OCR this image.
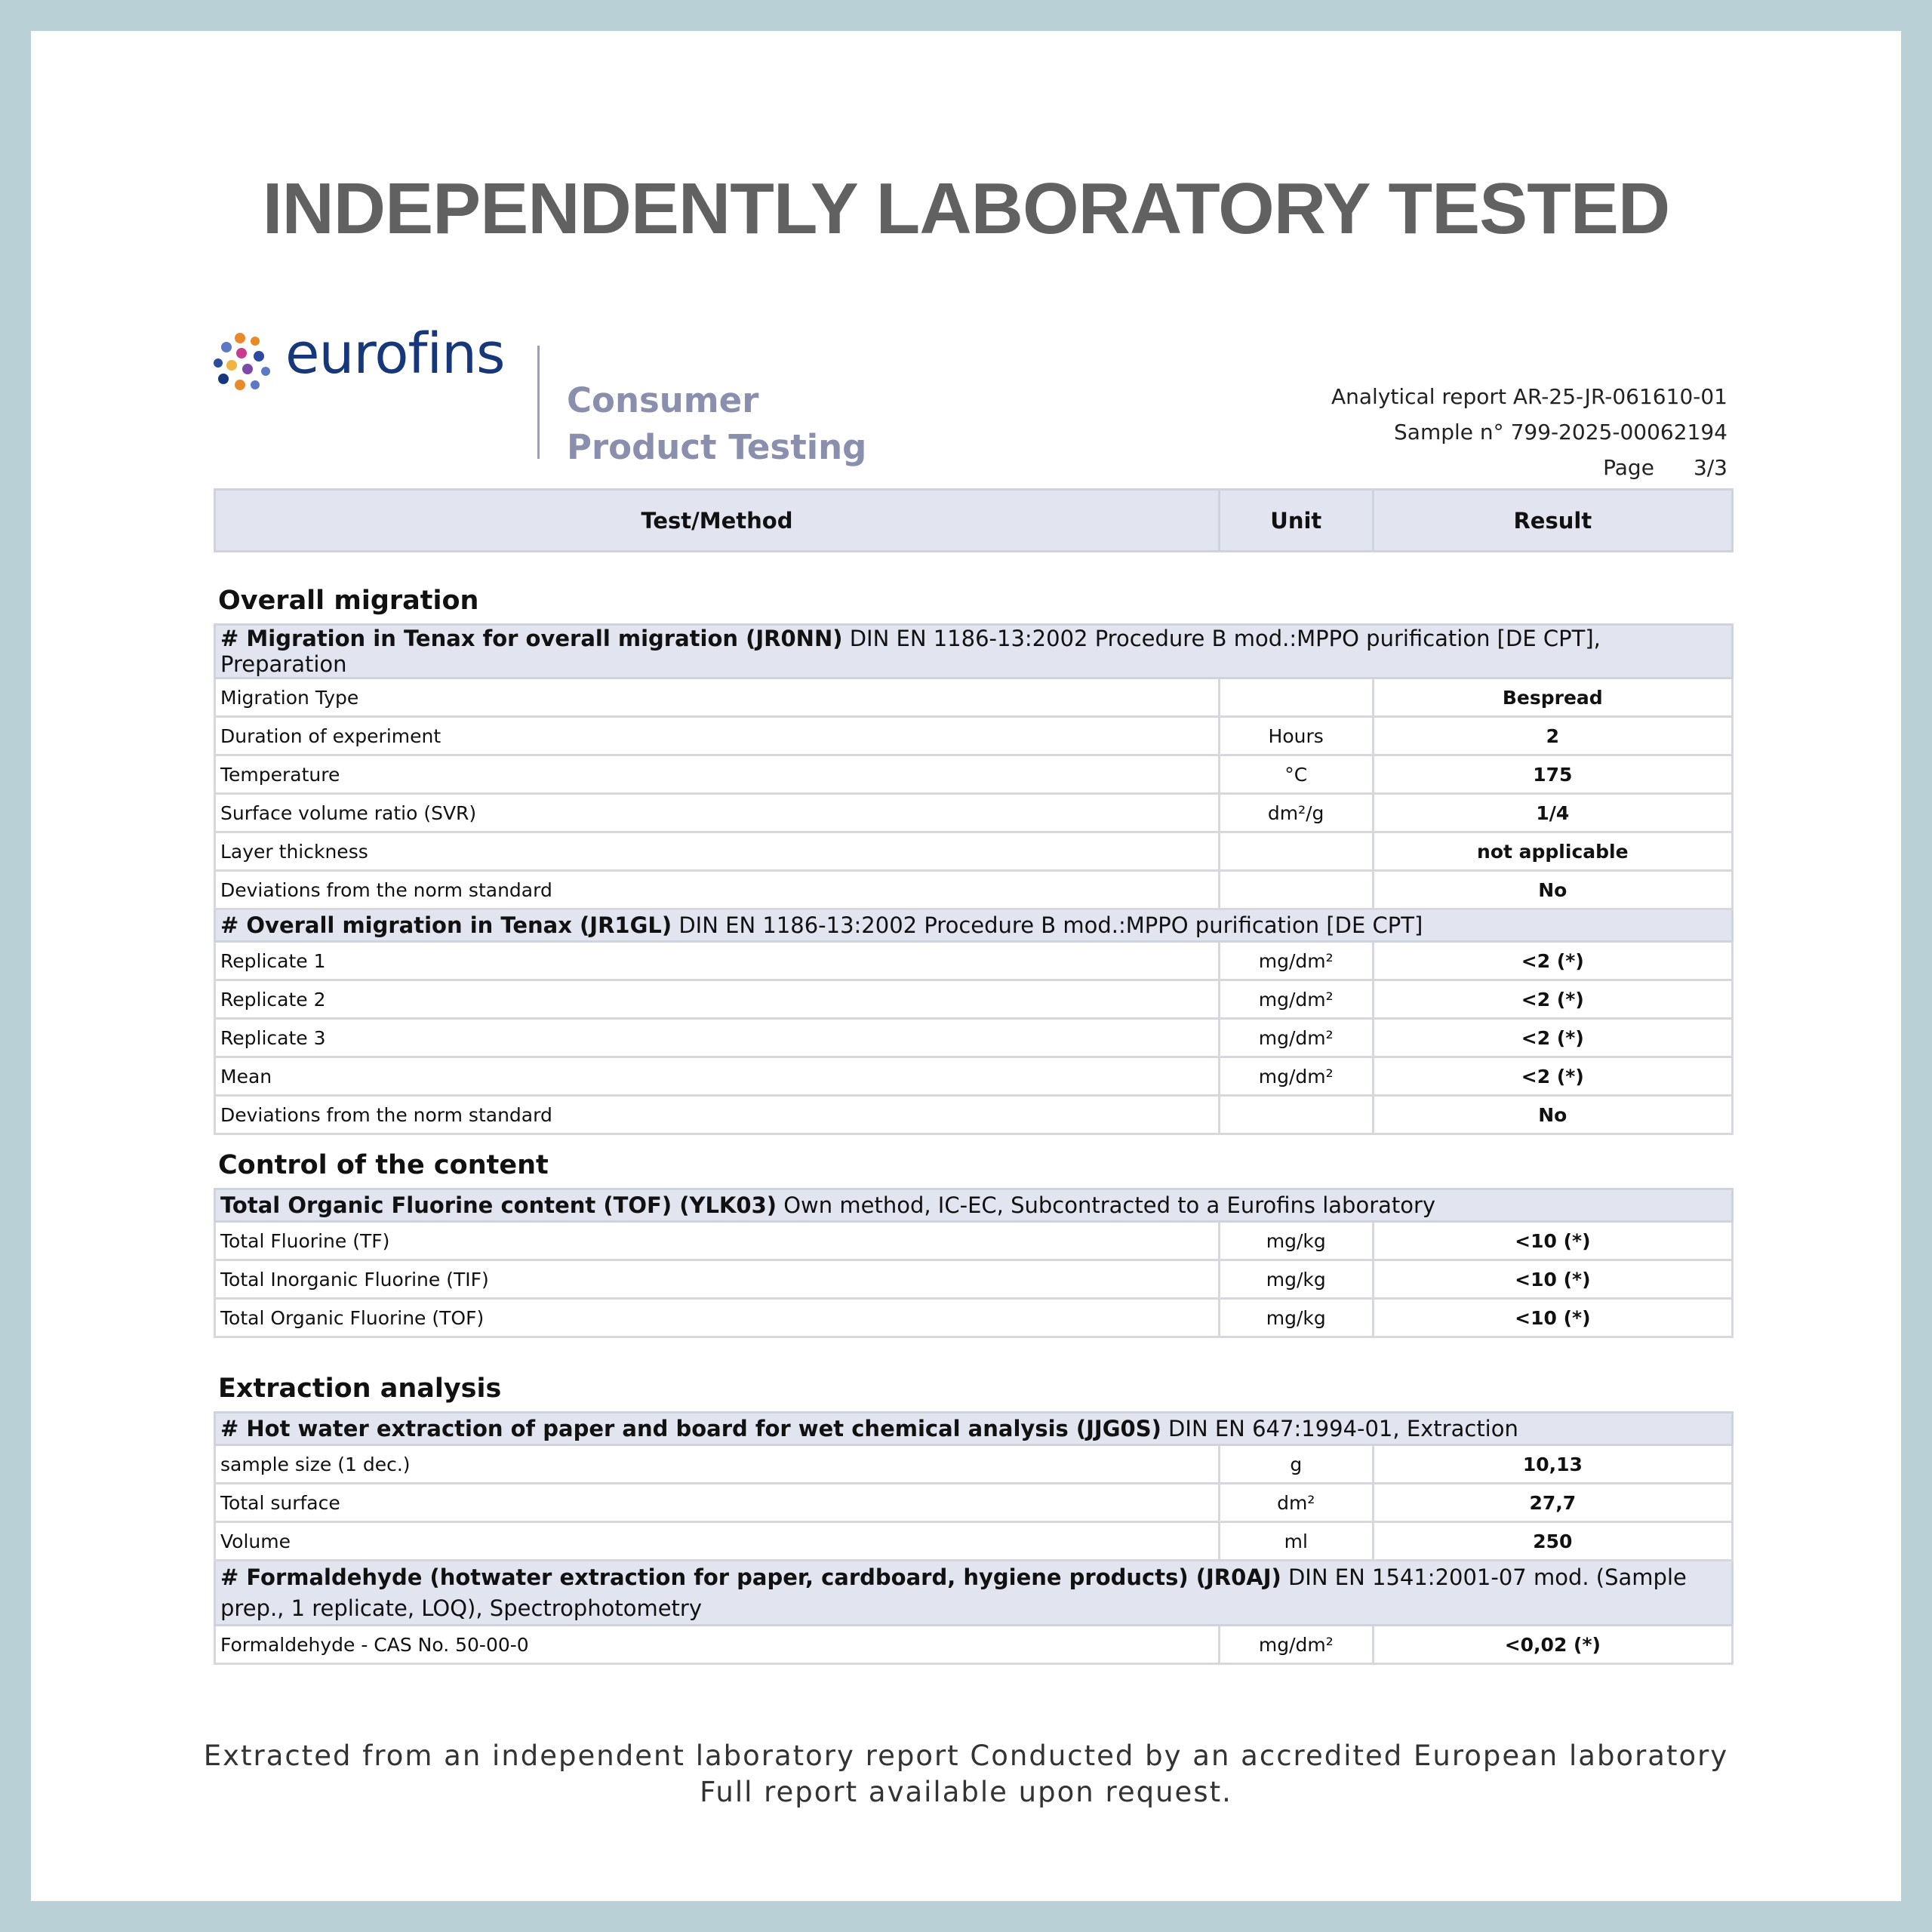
INDEPENDENTLY LABORATORY TESTED
eurofins
Consumer
Product Testing
Analytical report AR-25-JR-061610-01
Sample n° 799-2025-00062194
Page 3/3
Test/Method	Unit	Result
Overall migration
# Migration in Tenax for overall migration (JR0NN) DIN EN 1186-13:2002 Procedure B mod.:MPPO purification [DE CPT], Preparation		
Migration Type		Bespread
Duration of experiment	Hours	2
Temperature	°C	175
Surface volume ratio (SVR)	dm²/g	1/4
Layer thickness		not applicable
Deviations from the norm standard		No
# Overall migration in Tenax (JR1GL) DIN EN 1186-13:2002 Procedure B mod.:MPPO purification [DE CPT]		
Replicate 1	mg/dm²	<2 (*)
Replicate 2	mg/dm²	<2 (*)
Replicate 3	mg/dm²	<2 (*)
Mean	mg/dm²	<2 (*)
Deviations from the norm standard		No
Control of the content
Total Organic Fluorine content (TOF) (YLK03) Own method, IC-EC, Subcontracted to a Eurofins laboratory		
Total Fluorine (TF)	mg/kg	<10 (*)
Total Inorganic Fluorine (TIF)	mg/kg	<10 (*)
Total Organic Fluorine (TOF)	mg/kg	<10 (*)
Extraction analysis
# Hot water extraction of paper and board for wet chemical analysis (JJG0S) DIN EN 647:1994-01, Extraction		
sample size (1 dec.)	g	10,13
Total surface	dm²	27,7
Volume	ml	250
# Formaldehyde (hotwater extraction for paper, cardboard, hygiene products) (JR0AJ) DIN EN 1541:2001-07 mod. (Sample prep., 1 replicate, LOQ), Spectrophotometry		
Formaldehyde - CAS No. 50-00-0	mg/dm²	<0,02 (*)
Extracted from an independent laboratory report Conducted by an accredited European laboratory
Full report available upon request.
